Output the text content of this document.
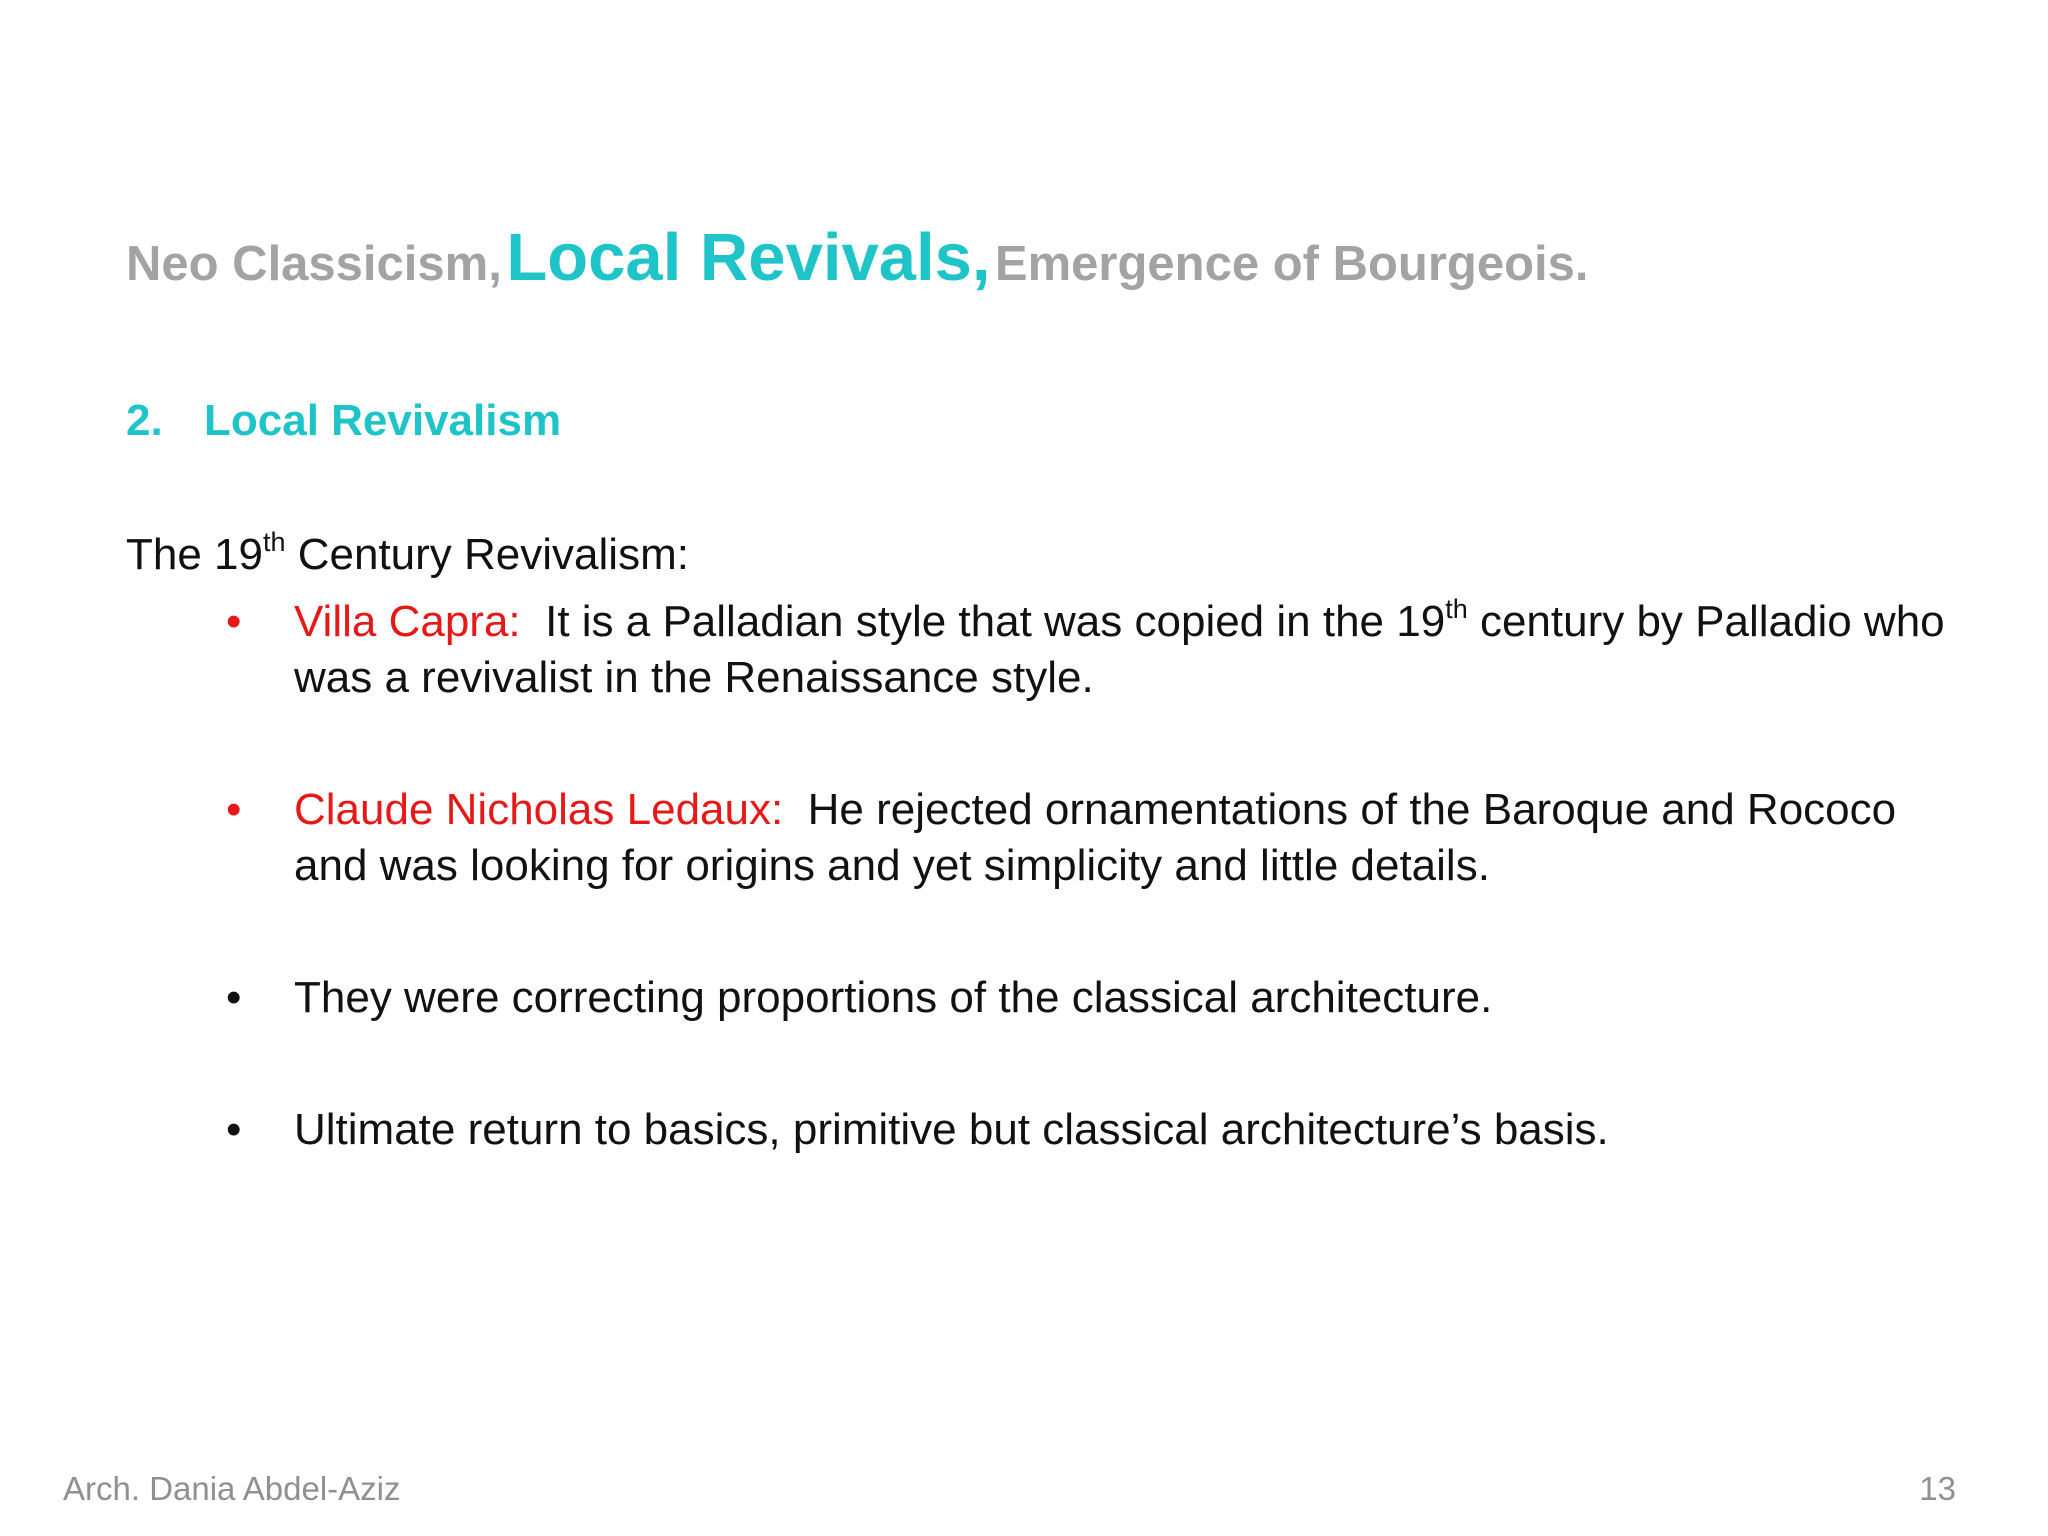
Neo Classicism, Local Revivals, Emergence of Bourgeois.
2. Local Revivalism
The 19th Century Revivalism:
•	Villa Capra: It is a Palladian style that was copied in the 19th century by Palladio who was a revivalist in the Renaissance style.
•	Claude Nicholas Ledaux: He rejected ornamentations of the Baroque and Rococo and was looking for origins and yet simplicity and little details.
•	They were correcting proportions of the classical architecture.
•	Ultimate return to basics, primitive but classical architecture’s basis.
Arch. Dania Abdel-Aziz	13
